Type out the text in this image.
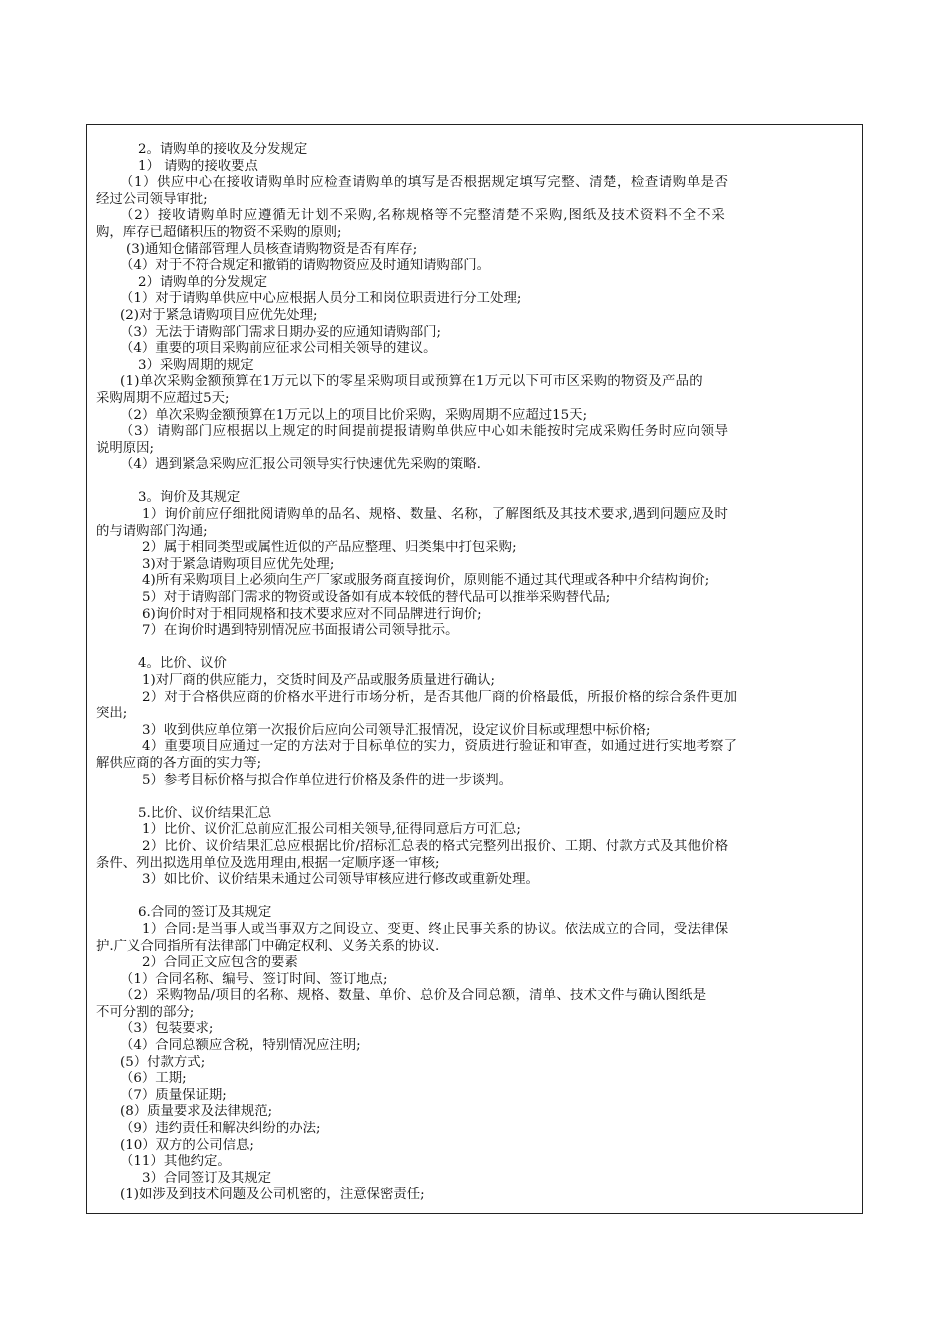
2。请购单的接收及分发规定
1） 请购的接收要点
（1）供应中心在接收请购单时应检查请购单的填写是否根据规定填写完整、清楚，检查请购单是否
经过公司领导审批;
（2）接收请购单时应遵循无计划不采购,名称规格等不完整清楚不采购,图纸及技术资料不全不采
购，库存已超储积压的物资不采购的原则;
(3)通知仓储部管理人员核查请购物资是否有库存;
（4）对于不符合规定和撤销的请购物资应及时通知请购部门。
2）请购单的分发规定
（1）对于请购单供应中心应根据人员分工和岗位职责进行分工处理;
(2)对于紧急请购项目应优先处理;
（3）无法于请购部门需求日期办妥的应通知请购部门;
（4）重要的项目采购前应征求公司相关领导的建议。
3）采购周期的规定
(1)单次采购金额预算在1万元以下的零星采购项目或预算在1万元以下可市区采购的物资及产品的
采购周期不应超过5天;
（2）单次采购金额预算在1万元以上的项目比价采购，采购周期不应超过15天;
（3）请购部门应根据以上规定的时间提前提报请购单供应中心如未能按时完成采购任务时应向领导
说明原因;
（4）遇到紧急采购应汇报公司领导实行快速优先采购的策略.
3。询价及其规定
1）询价前应仔细批阅请购单的品名、规格、数量、名称，了解图纸及其技术要求,遇到问题应及时
的与请购部门沟通;
2）属于相同类型或属性近似的产品应整理、归类集中打包采购;
3)对于紧急请购项目应优先处理;
4)所有采购项目上必须向生产厂家或服务商直接询价，原则能不通过其代理或各种中介结构询价;
5）对于请购部门需求的物资或设备如有成本较低的替代品可以推举采购替代品;
6)询价时对于相同规格和技术要求应对不同品牌进行询价;
7）在询价时遇到特别情况应书面报请公司领导批示。
4。比价、议价
1)对厂商的供应能力，交货时间及产品或服务质量进行确认;
2）对于合格供应商的价格水平进行市场分析，是否其他厂商的价格最低，所报价格的综合条件更加
突出;
3）收到供应单位第一次报价后应向公司领导汇报情况，设定议价目标或理想中标价格;
4）重要项目应通过一定的方法对于目标单位的实力，资质进行验证和审查，如通过进行实地考察了
解供应商的各方面的实力等;
5）参考目标价格与拟合作单位进行价格及条件的进一步谈判。
5.比价、议价结果汇总
1）比价、议价汇总前应汇报公司相关领导,征得同意后方可汇总;
2）比价、议价结果汇总应根据比价/招标汇总表的格式完整列出报价、工期、付款方式及其他价格
条件、列出拟选用单位及选用理由,根据一定顺序逐一审核;
3）如比价、议价结果未通过公司领导审核应进行修改或重新处理。
6.合同的签订及其规定
1）合同:是当事人或当事双方之间设立、变更、终止民事关系的协议。依法成立的合同，受法律保
护.广义合同指所有法律部门中确定权利、义务关系的协议.
2）合同正文应包含的要素
（1）合同名称、编号、签订时间、签订地点;
（2）采购物品/项目的名称、规格、数量、单价、总价及合同总额，清单、技术文件与确认图纸是
不可分割的部分;
（3）包装要求;
（4）合同总额应含税，特别情况应注明;
(5）付款方式;
（6）工期;
（7）质量保证期;
(8）质量要求及法律规范;
（9）违约责任和解决纠纷的办法;
(10）双方的公司信息;
（11）其他约定。
3）合同签订及其规定
(1)如涉及到技术问题及公司机密的，注意保密责任;
